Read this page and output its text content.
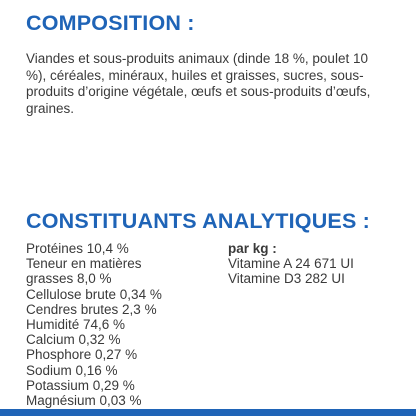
COMPOSITION :

Viandes et sous-produits animaux (dinde 18 %, poulet 10 %), céréales, minéraux, huiles et graisses, sucres, sous-produits d’origine végétale, œufs et sous-produits d’œufs, graines.

CONSTITUANTS ANALYTIQUES :
Protéines 10,4 %
Teneur en matières
grasses 8,0 %
Cellulose brute 0,34 %
Cendres brutes 2,3 %
Humidité 74,6 %
Calcium 0,32 %
Phosphore 0,27 %
Sodium 0,16 %
Potassium 0,29 %
Magnésium 0,03 %
par kg :
Vitamine A 24 671 UI
Vitamine D3 282 UI
